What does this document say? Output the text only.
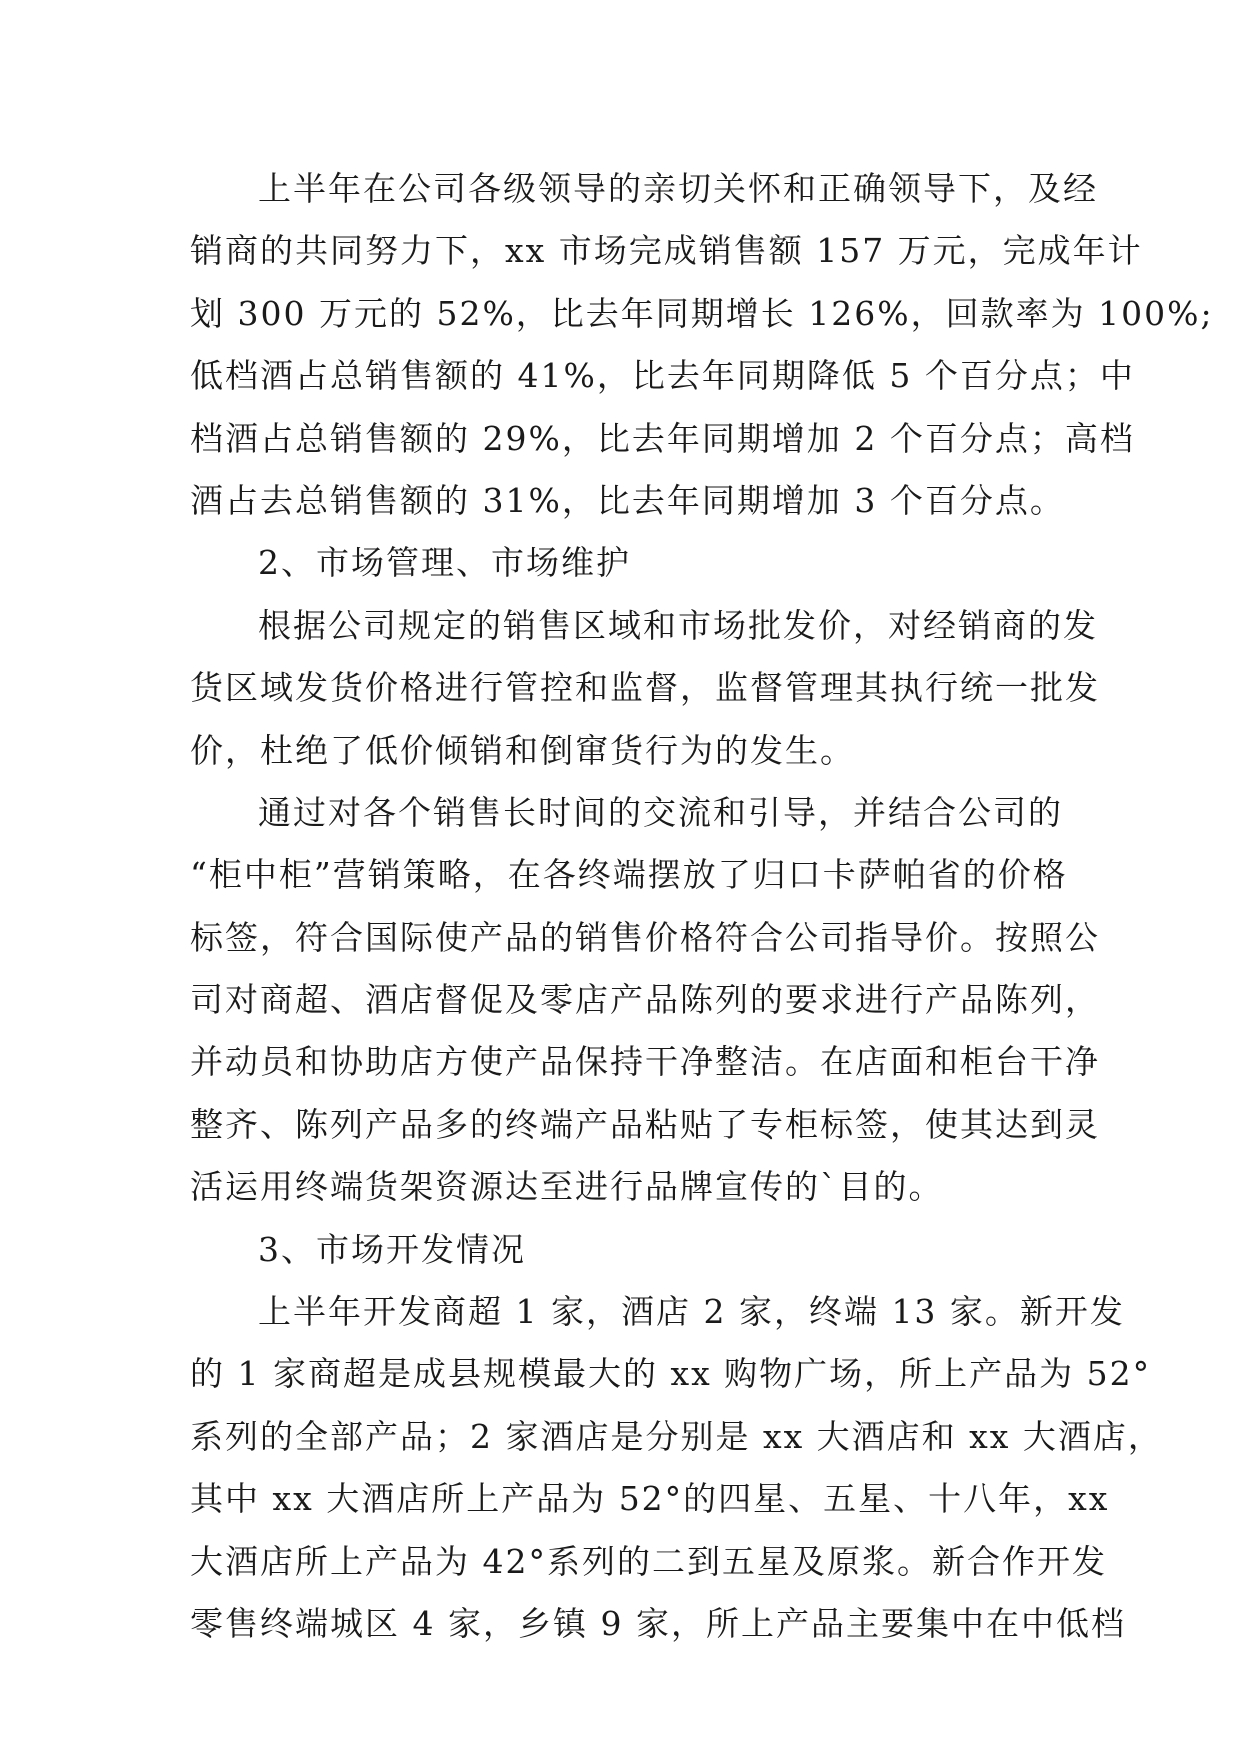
上半年在公司各级领导的亲切关怀和正确领导下，及经
销商的共同努力下，xx 市场完成销售额 157 万元，完成年计
划 300 万元的 52%，比去年同期增长 126%，回款率为 100%;
低档酒占总销售额的 41%，比去年同期降低 5 个百分点；中
档酒占总销售额的 29%，比去年同期增加 2 个百分点；高档
酒占去总销售额的 31%，比去年同期增加 3 个百分点。
2、市场管理、市场维护
根据公司规定的销售区域和市场批发价，对经销商的发
货区域发货价格进行管控和监督，监督管理其执行统一批发
价，杜绝了低价倾销和倒窜货行为的发生。
通过对各个销售长时间的交流和引导，并结合公司的
“柜中柜”营销策略，在各终端摆放了归口卡萨帕省的价格
标签，符合国际使产品的销售价格符合公司指导价。按照公
司对商超、酒店督促及零店产品陈列的要求进行产品陈列，
并动员和协助店方使产品保持干净整洁。在店面和柜台干净
整齐、陈列产品多的终端产品粘贴了专柜标签，使其达到灵
活运用终端货架资源达至进行品牌宣传的`目的。
3、市场开发情况
上半年开发商超 1 家，酒店 2 家，终端 13 家。新开发
的 1 家商超是成县规模最大的 xx 购物广场，所上产品为 52°
系列的全部产品；2 家酒店是分别是 xx 大酒店和 xx 大酒店，
其中 xx 大酒店所上产品为 52°的四星、五星、十八年，xx
大酒店所上产品为 42°系列的二到五星及原浆。新合作开发
零售终端城区 4 家，乡镇 9 家，所上产品主要集中在中低档
